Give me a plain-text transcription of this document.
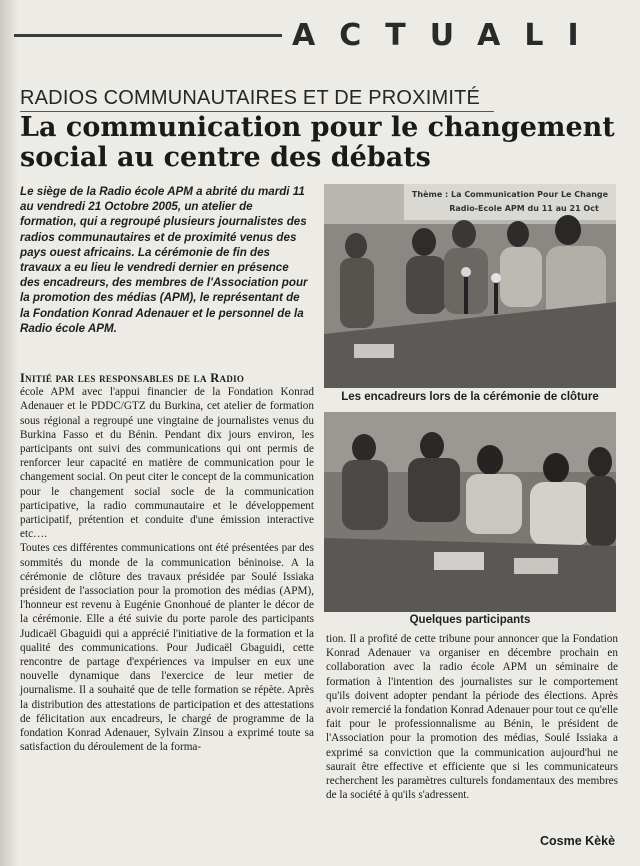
ACTUALI
RADIOS COMMUNAUTAIRES ET DE PROXIMITÉ
La communication pour le changement social au centre des débats
Le siège de la Radio école APM a abrité du mardi 11 au vendredi 21 Octobre 2005, un atelier de formation, qui a regroupé plusieurs journalistes des radios communautaires et de proximité venus des pays ouest africains. La cérémonie de fin des travaux a eu lieu le vendredi dernier en présence des encadreurs, des membres de l'Association pour la promotion des médias (APM), le représentant de la Fondation Konrad Adenauer et le personnel de la Radio école APM.
Thème : La Communication Pour Le Change
Radio-Ecole APM du 11 au 21 Oct
Les encadreurs lors de la cérémonie de clôture
Quelques participants
Initié par les responsables de la Radio

école APM avec l'appui financier de la Fondation Konrad Adenauer et le PDDC/GTZ du Burkina, cet atelier de formation sous régional a regroupé une vingtaine de journalistes venus du Burkina Fasso et du Bénin. Pendant dix jours environ, les participants ont suivi des communications qui ont permis de renforcer leur capacité en matière de communication pour le changement social. On peut citer le concept de la communication pour le changement social socle de la communication participative, la radio communautaire et le développement participatif, prétention et conduite d'une émission interactive etc….

Toutes ces différentes communications ont été présentées par des sommités du monde de la communication béninoise. A la cérémonie de clôture des travaux présidée par Soulé Issiaka président de l'association pour la promotion des médias (APM), l'honneur est revenu à Eugénie Gnonhoué de planter le décor de la cérémonie. Elle a été suivie du porte parole des participants Judicaël Gbaguidi qui a apprécié l'initiative de la formation et la qualité des communications. Pour Judicaël Gbaguidi, cette rencontre de partage d'expériences va impulser en eux une nouvelle dynamique dans l'exercice de leur metier de journalisme. Il a souhaité que de telle formation se répète. Après la distribution des attestations de participation et des attestations de félicitation aux encadreurs, le chargé de programme de la fondation Konrad Adenauer, Sylvain Zinsou a exprimé toute sa satisfaction du déroulement de la forma-

tion. Il a profité de cette tribune pour annoncer que la Fondation Konrad Adenauer va organiser en décembre prochain en collaboration avec la radio école APM un séminaire de formation à l'intention des journalistes sur le comportement qu'ils doivent adopter pendant la période des élections. Après avoir remercié la fondation Konrad Adenauer pour tout ce qu'elle fait pour le professionnalisme au Bénin, le président de l'Association pour la promotion des médias, Soulé Issiaka a exprimé sa conviction que la communication aujourd'hui ne saurait être effective et efficiente que si les communicateurs recherchent les paramètres culturels fondamentaux des membres de la société à qu'ils s'adressent.

Cosme Kèkè
